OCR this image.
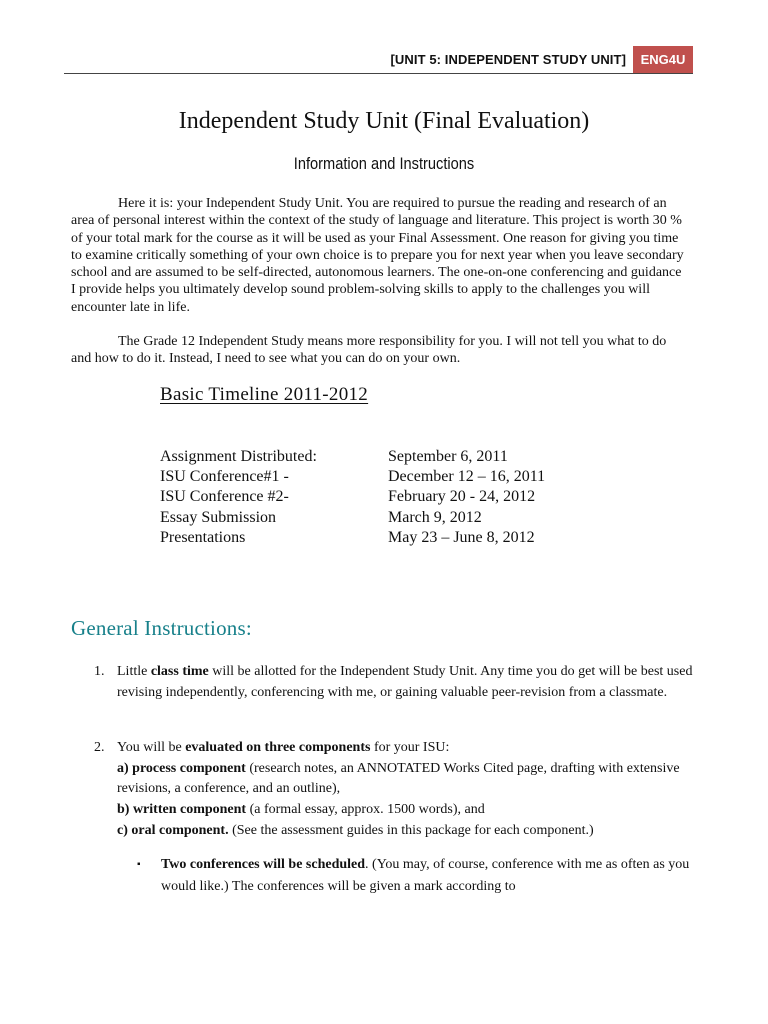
[UNIT 5: INDEPENDENT STUDY UNIT]	ENG4U
Independent Study Unit (Final Evaluation)
Information and Instructions

Here it is: your Independent Study Unit. You are required to pursue the reading and research of an area of personal interest within the context of the study of language and literature. This project is worth 30 % of your total mark for the course as it will be used as your Final Assessment. One reason for giving you time to examine critically something of your own choice is to prepare you for next year when you leave secondary school and are assumed to be self-directed, autonomous learners. The one-on-one conferencing and guidance I provide helps you ultimately develop sound problem-solving skills to apply to the challenges you will encounter late in life.

The Grade 12 Independent Study means more responsibility for you. I will not tell you what to do and how to do it. Instead, I need to see what you can do on your own.

Basic Timeline 2011-2012
Assignment Distributed:	September 6, 2011
ISU Conference#1 -	December 12 – 16, 2011
ISU Conference #2-	February 20 - 24, 2012
Essay Submission	March 9, 2012
Presentations	May 23 – June 8, 2012
General Instructions:
1. Little class time will be allotted for the Independent Study Unit. Any time you do get will be best used revising independently, conferencing with me, or gaining valuable peer-revision from a classmate.
2. You will be evaluated on three components for your ISU:
a) process component (research notes, an ANNOTATED Works Cited page, drafting with extensive revisions, a conference, and an outline),
b) written component (a formal essay, approx. 1500 words), and
c) oral component. (See the assessment guides in this package for each component.)
▪ Two conferences will be scheduled. (You may, of course, conference with me as often as you would like.) The conferences will be given a mark according to
